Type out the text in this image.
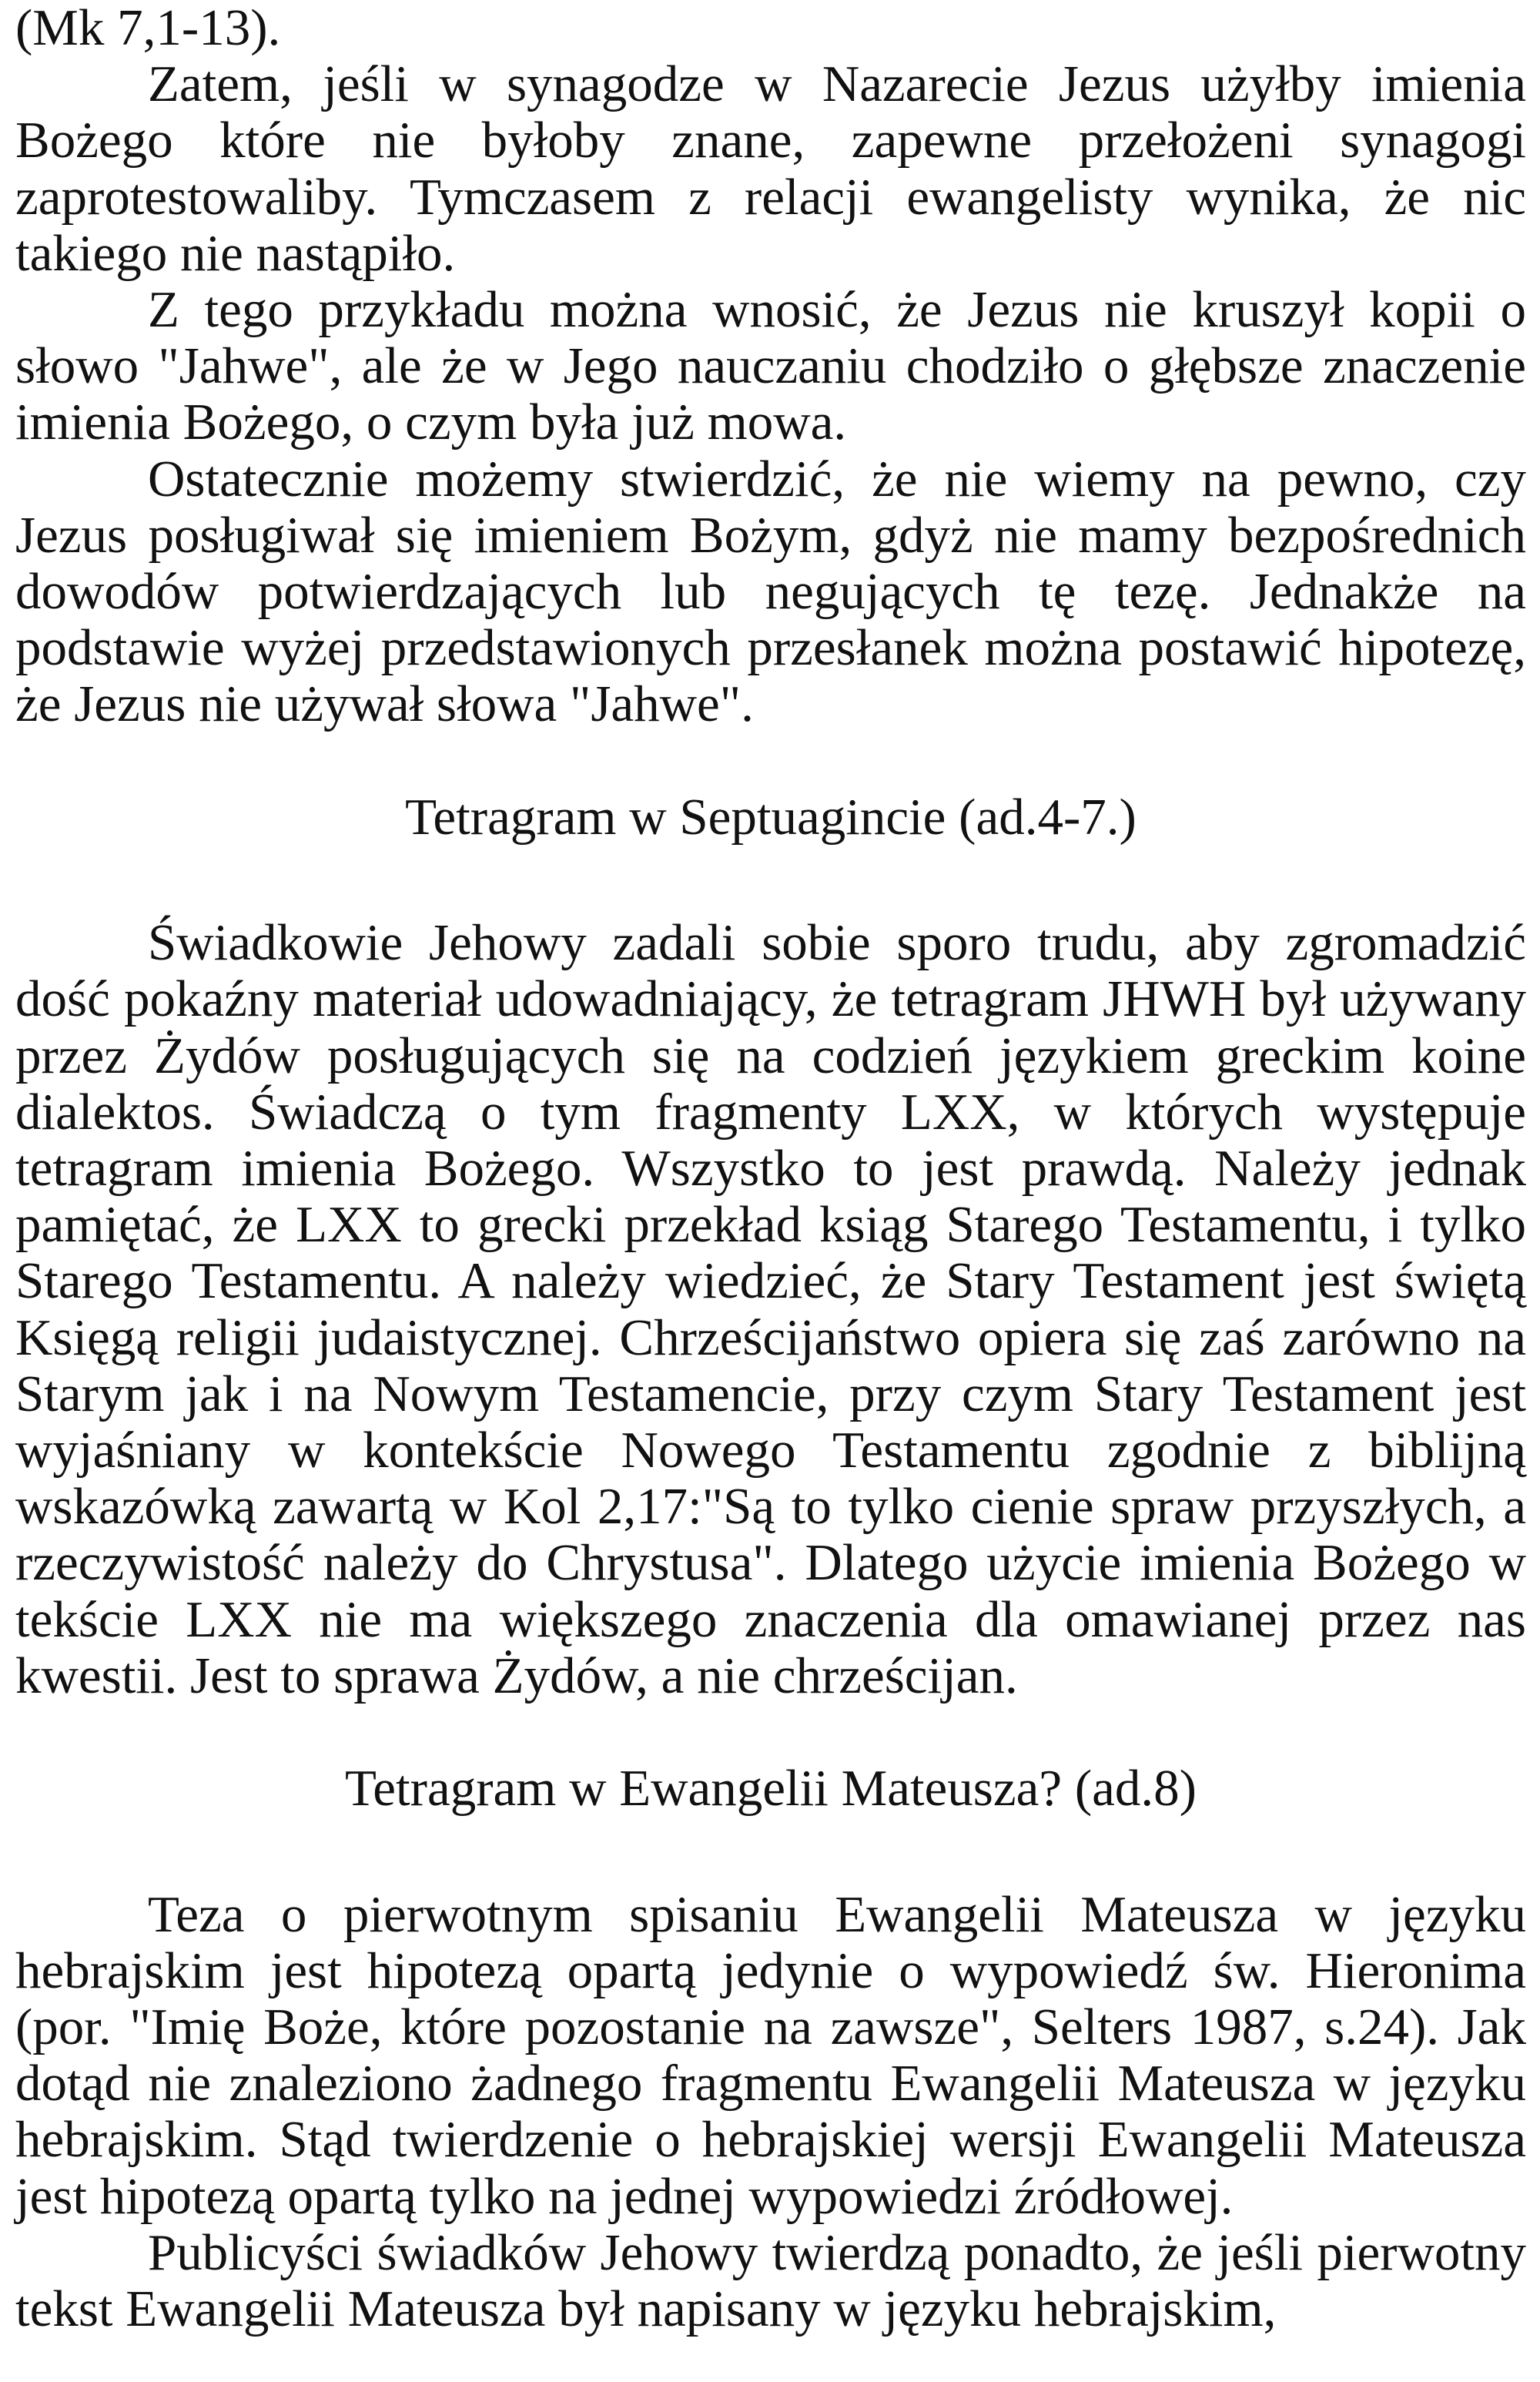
(Mk 7,1-13).

Zatem, jeśli w synagodze w Nazarecie Jezus użyłby imienia Bożego które nie byłoby znane, zapewne przełożeni synagogi zaprotestowaliby. Tymczasem z relacji ewangelisty wynika, że nic takiego nie nastąpiło.

Z tego przykładu można wnosić, że Jezus nie kruszył kopii o słowo "Jahwe", ale że w Jego nauczaniu chodziło o głębsze znaczenie imienia Bożego, o czym była już mowa.

Ostatecznie możemy stwierdzić, że nie wiemy na pewno, czy Jezus posługiwał się imieniem Bożym, gdyż nie mamy bezpośrednich dowodów potwierdzających lub negujących tę tezę. Jednakże na podstawie wyżej przedstawionych przesłanek można postawić hipotezę, że Jezus nie używał słowa "Jahwe".

Tetragram w Septuagincie (ad.4-7.)

Świadkowie Jehowy zadali sobie sporo trudu, aby zgromadzić dość pokaźny materiał udowadniający, że tetragram JHWH był używany przez Żydów posługujących się na codzień językiem greckim koine dialektos. Świadczą o tym fragmenty LXX, w których występuje tetragram imienia Bożego. Wszystko to jest prawdą. Należy jednak pamiętać, że LXX to grecki przekład ksiąg Starego Testamentu, i tylko Starego Testamentu. A należy wiedzieć, że Stary Testament jest świętą Księgą religii judaistycznej. Chrześcijaństwo opiera się zaś zarówno na Starym jak i na Nowym Testamencie, przy czym Stary Testament jest wyjaśniany w kontekście Nowego Testamentu zgodnie z biblijną wskazówką zawartą w Kol 2,17:"Są to tylko cienie spraw przyszłych, a rzeczywistość należy do Chrystusa". Dlatego użycie imienia Bożego w tekście LXX nie ma większego znaczenia dla omawianej przez nas kwestii. Jest to sprawa Żydów, a nie chrześcijan.

Tetragram w Ewangelii Mateusza? (ad.8)

Teza o pierwotnym spisaniu Ewangelii Mateusza w języku hebrajskim jest hipotezą opartą jedynie o wypowiedź św. Hieronima (por. "Imię Boże, które pozostanie na zawsze", Selters 1987, s.24). Jak dotąd nie znaleziono żadnego fragmentu Ewangelii Mateusza w języku hebrajskim. Stąd twierdzenie o hebrajskiej wersji Ewangelii Mateusza jest hipotezą opartą tylko na jednej wypowiedzi źródłowej.

Publicyści świadków Jehowy twierdzą ponadto, że jeśli pierwotny tekst Ewangelii Mateusza był napisany w języku hebrajskim,
